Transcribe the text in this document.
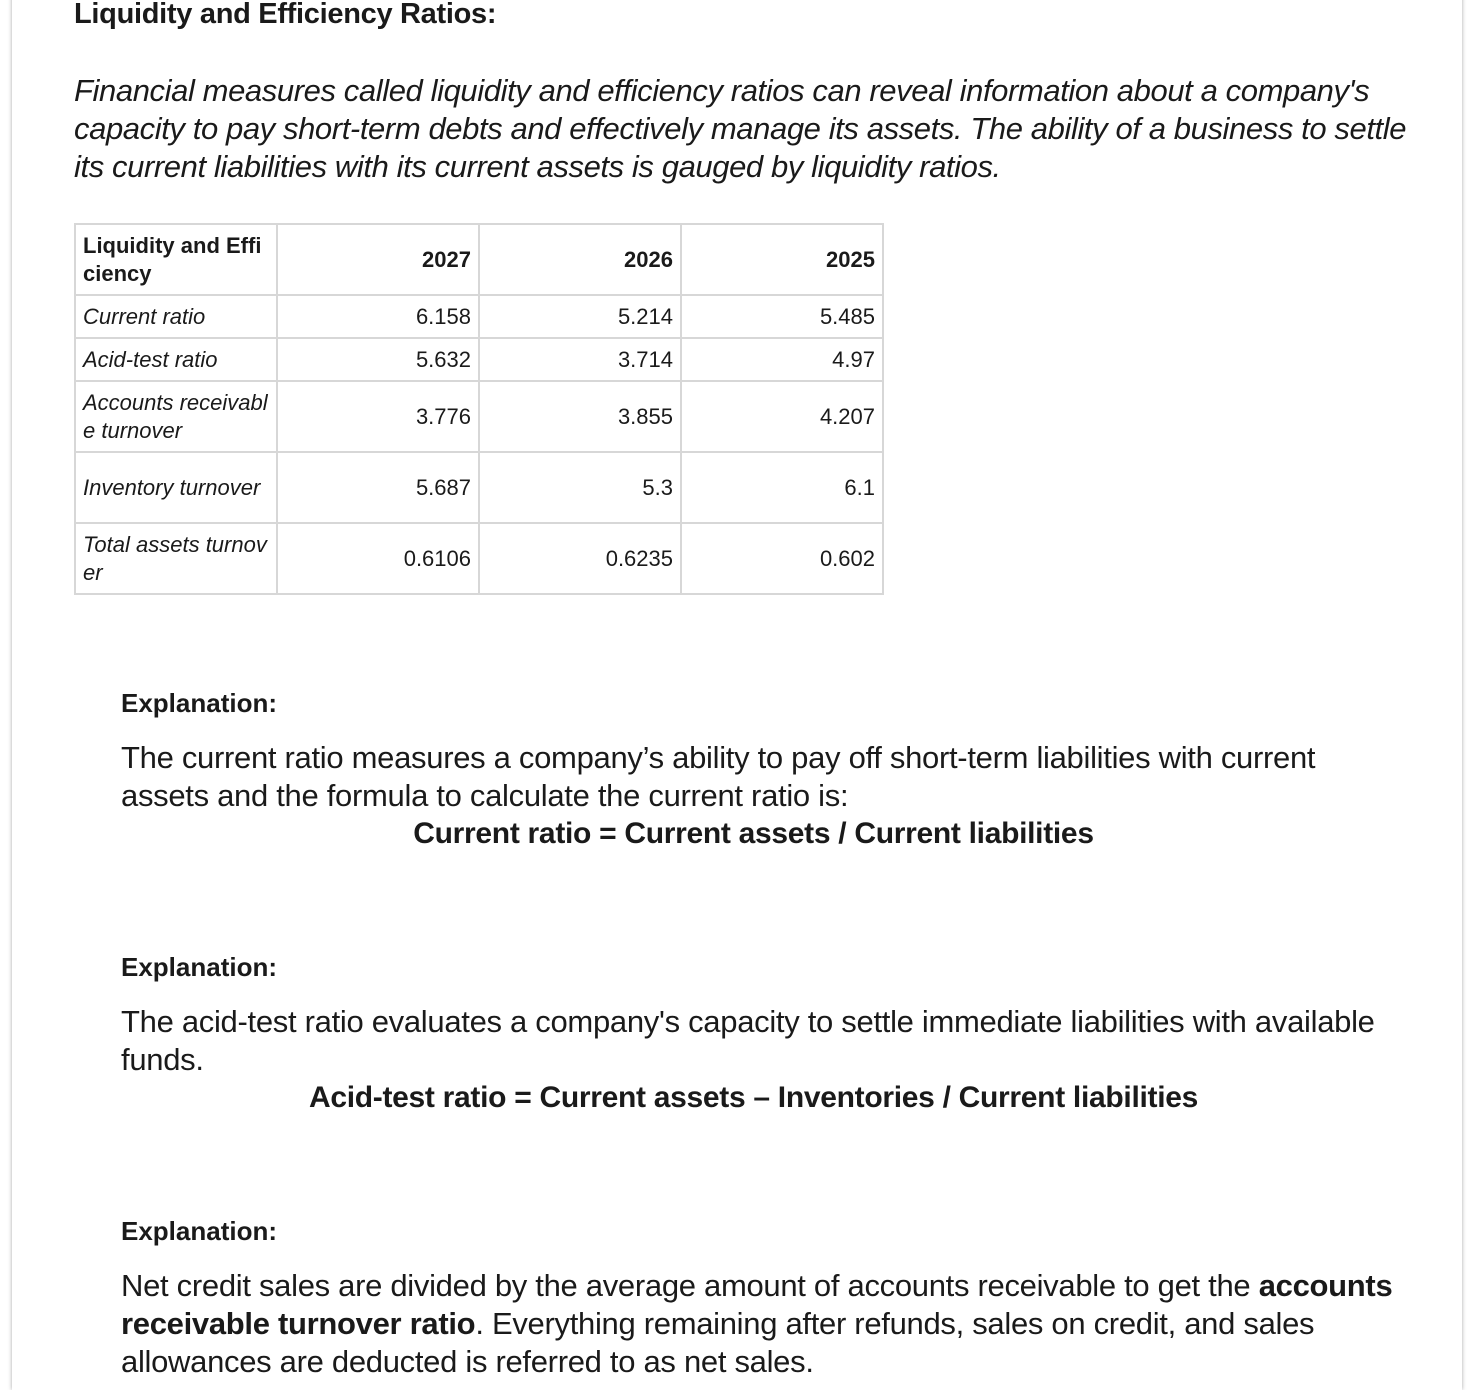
Liquidity and Efficiency Ratios:
Financial measures called liquidity and efficiency ratios can reveal information about a company's capacity to pay short-term debts and effectively manage its assets. The ability of a business to settle its current liabilities with its current assets is gauged by liquidity ratios.
Liquidity and Efficiency	2027	2026	2025
Current ratio	6.158	5.214	5.485
Acid-test ratio	5.632	3.714	4.97
Accounts receivable turnover	3.776	3.855	4.207
Inventory turnover	5.687	5.3	6.1
Total assets turnover	0.6106	0.6235	0.602
Explanation:
The current ratio measures a company’s ability to pay off short-term liabilities with current assets and the formula to calculate the current ratio is:
Current ratio = Current assets / Current liabilities
Explanation:
The acid-test ratio evaluates a company's capacity to settle immediate liabilities with available funds.
Acid-test ratio = Current assets – Inventories / Current liabilities
Explanation:
Net credit sales are divided by the average amount of accounts receivable to get the accounts receivable turnover ratio. Everything remaining after refunds, sales on credit, and sales allowances are deducted is referred to as net sales.
